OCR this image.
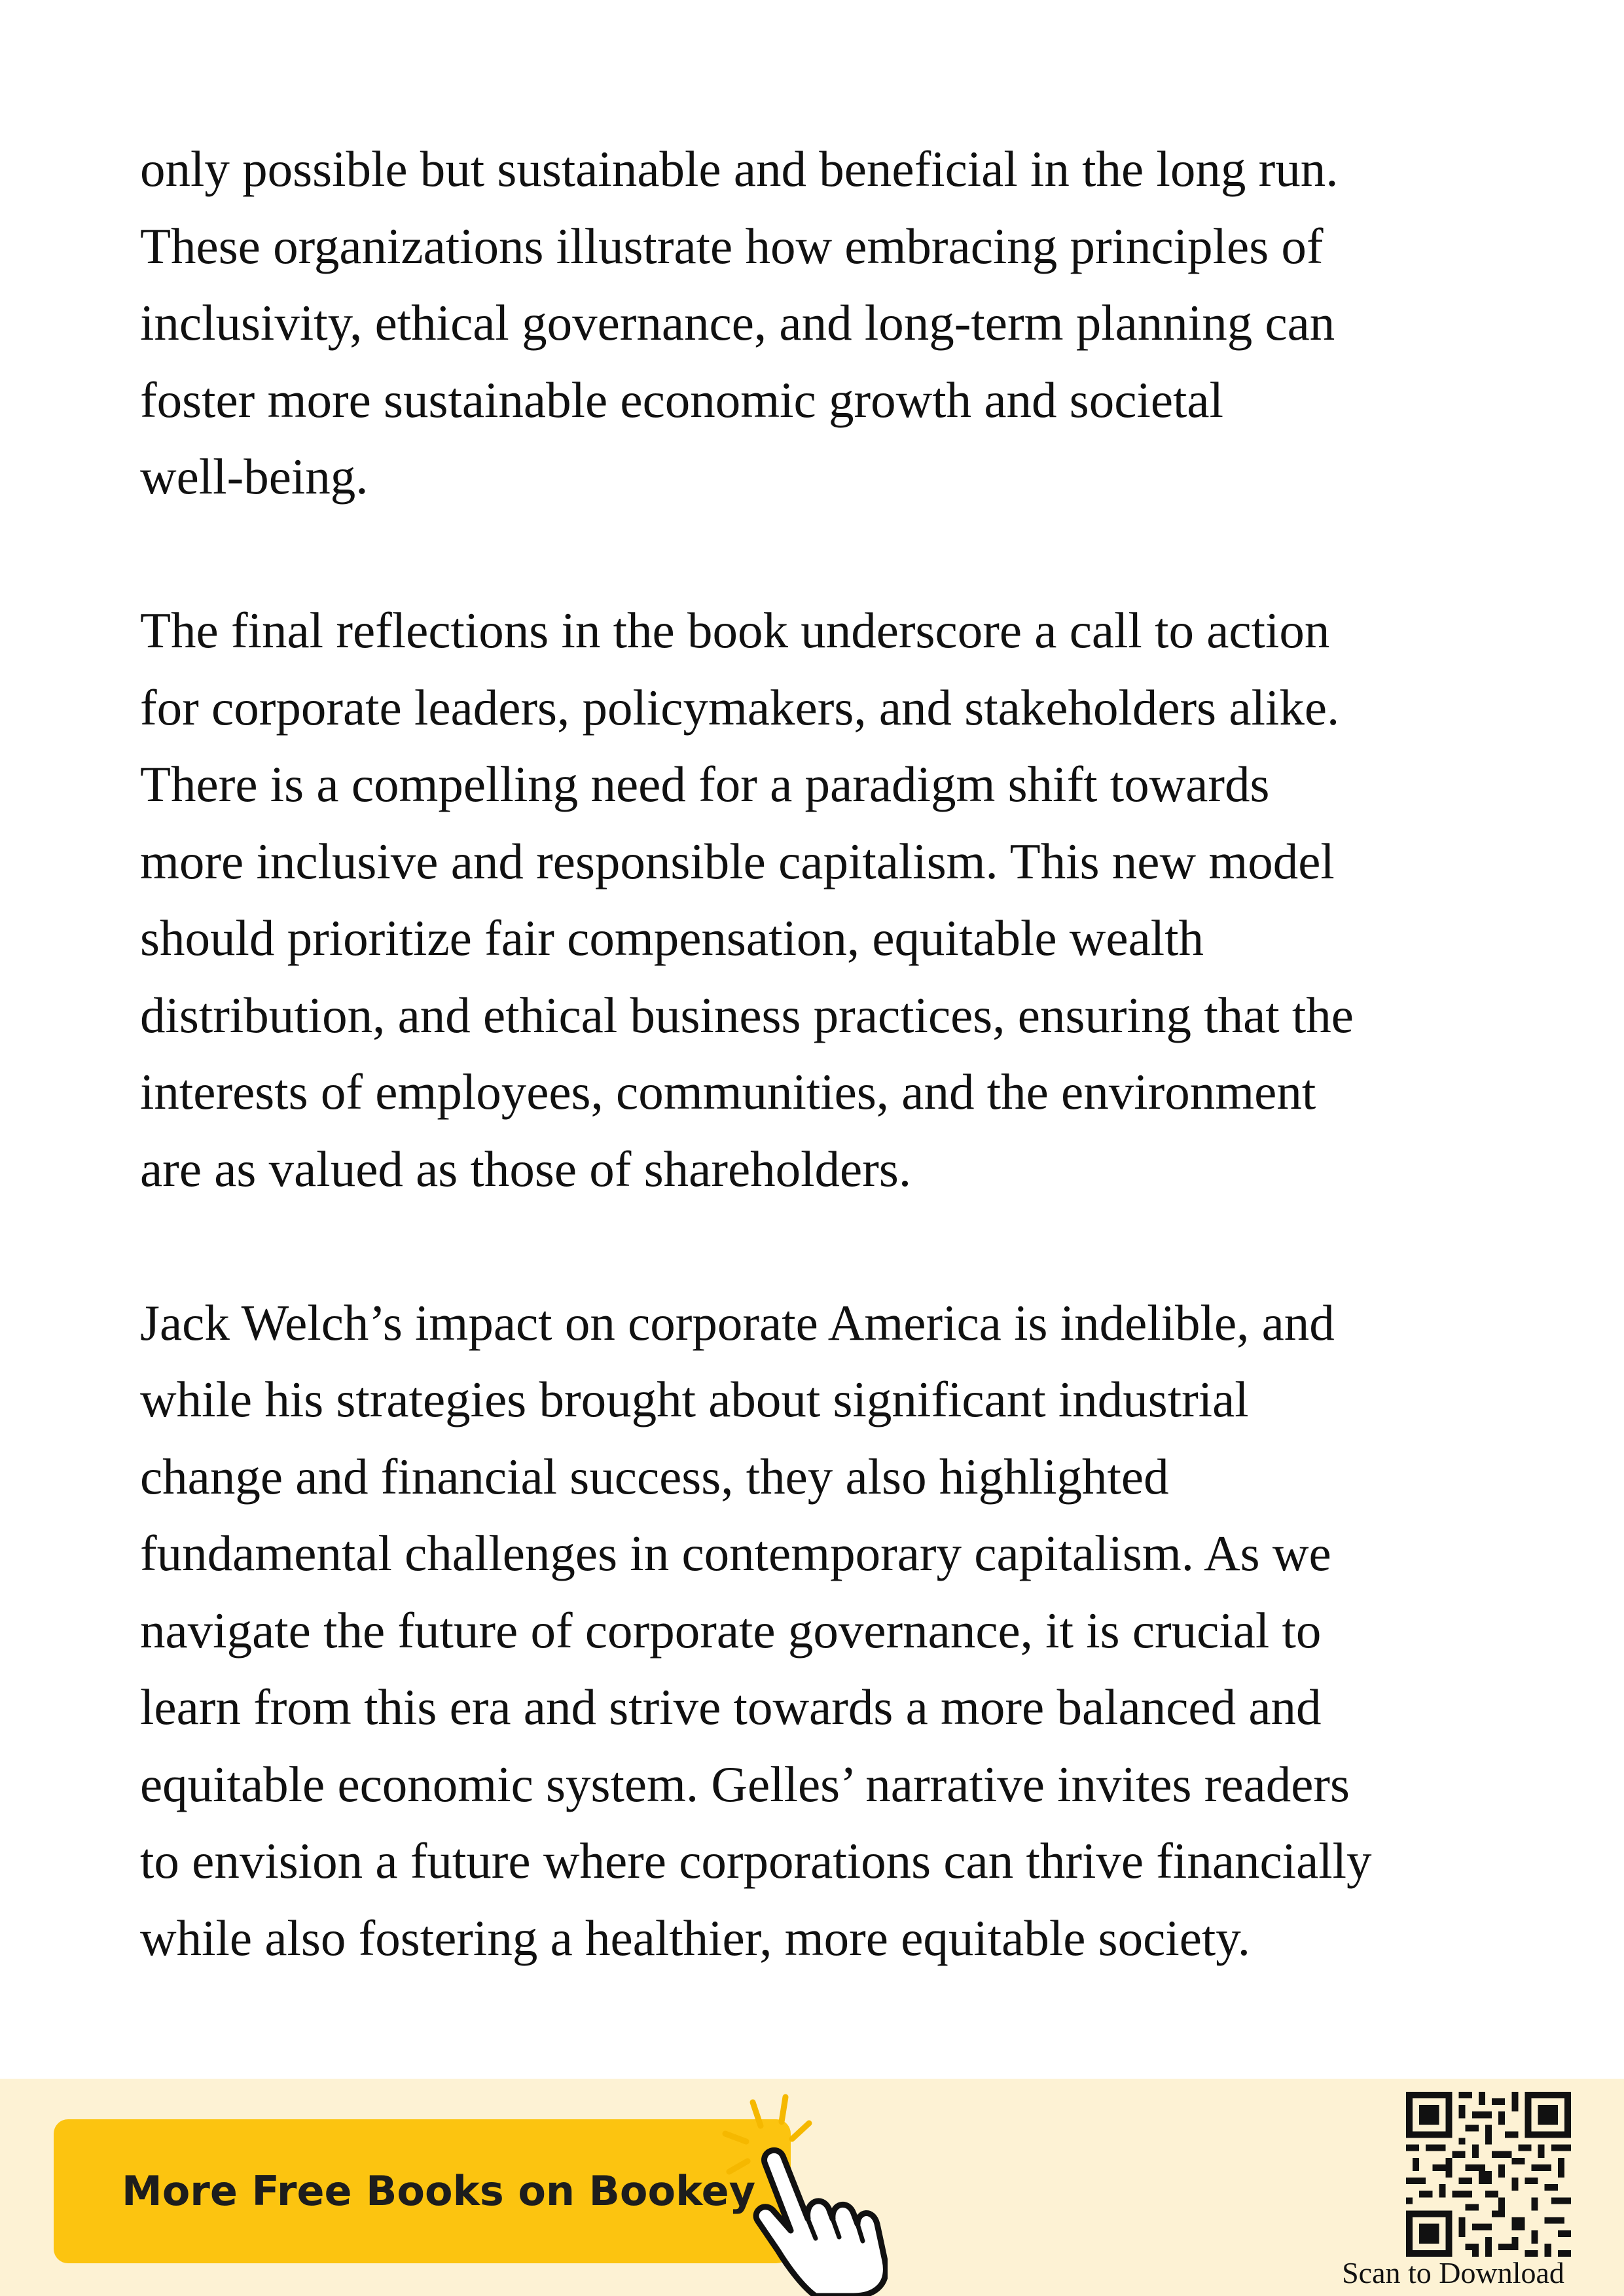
only possible but sustainable and beneficial in the long run.
These organizations illustrate how embracing principles of
inclusivity, ethical governance, and long-term planning can
foster more sustainable economic growth and societal
well-being.

The final reflections in the book underscore a call to action
for corporate leaders, policymakers, and stakeholders alike.
There is a compelling need for a paradigm shift towards
more inclusive and responsible capitalism. This new model
should prioritize fair compensation, equitable wealth
distribution, and ethical business practices, ensuring that the
interests of employees, communities, and the environment
are as valued as those of shareholders.

Jack Welch’s impact on corporate America is indelible, and
while his strategies brought about significant industrial
change and financial success, they also highlighted
fundamental challenges in contemporary capitalism. As we
navigate the future of corporate governance, it is crucial to
learn from this era and strive towards a more balanced and
equitable economic system. Gelles’ narrative invites readers
to envision a future where corporations can thrive financially
while also fostering a healthier, more equitable society.

More Free Books on Bookey
Scan to Download
